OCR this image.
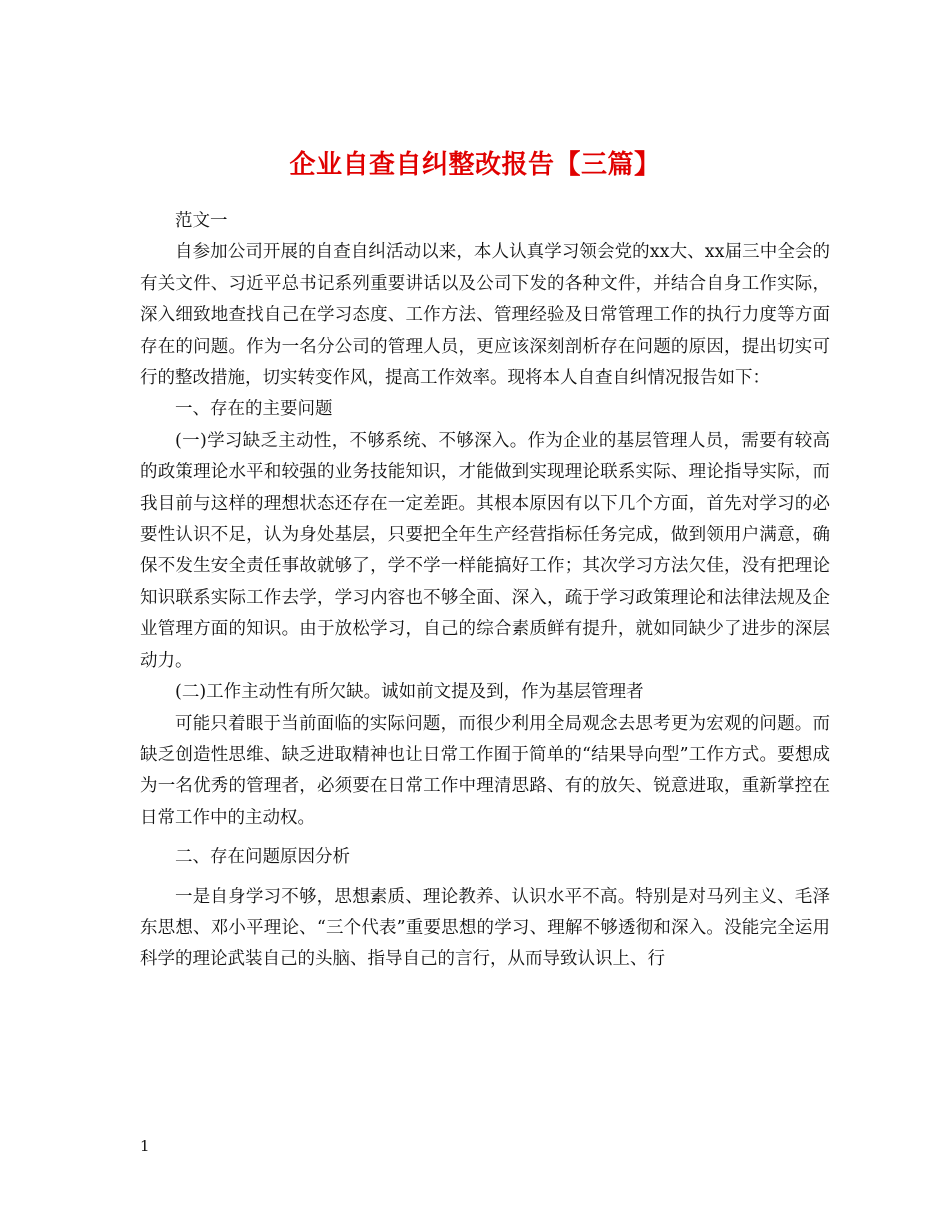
企业自查自纠整改报告【三篇】

范文一

自参加公司开展的自查自纠活动以来，本人认真学习领会党的xx大、xx届三中全会的有关文件、习近平总书记系列重要讲话以及公司下发的各种文件，并结合自身工作实际，深入细致地查找自己在学习态度、工作方法、管理经验及日常管理工作的执行力度等方面存在的问题。作为一名分公司的管理人员，更应该深刻剖析存在问题的原因，提出切实可行的整改措施，切实转变作风，提高工作效率。现将本人自查自纠情况报告如下：

一、存在的主要问题

(一)学习缺乏主动性，不够系统、不够深入。作为企业的基层管理人员，需要有较高的政策理论水平和较强的业务技能知识，才能做到实现理论联系实际、理论指导实际，而我目前与这样的理想状态还存在一定差距。其根本原因有以下几个方面，首先对学习的必要性认识不足，认为身处基层，只要把全年生产经营指标任务完成，做到领用户满意，确保不发生安全责任事故就够了，学不学一样能搞好工作；其次学习方法欠佳，没有把理论知识联系实际工作去学，学习内容也不够全面、深入，疏于学习政策理论和法律法规及企业管理方面的知识。由于放松学习，自己的综合素质鲜有提升，就如同缺少了进步的深层动力。

(二)工作主动性有所欠缺。诚如前文提及到，作为基层管理者

可能只着眼于当前面临的实际问题，而很少利用全局观念去思考更为宏观的问题。而缺乏创造性思维、缺乏进取精神也让日常工作囿于简单的“结果导向型”工作方式。要想成为一名优秀的管理者，必须要在日常工作中理清思路、有的放矢、锐意进取，重新掌控在日常工作中的主动权。

二、存在问题原因分析

一是自身学习不够，思想素质、理论教养、认识水平不高。特别是对马列主义、毛泽东思想、邓小平理论、“三个代表”重要思想的学习、理解不够透彻和深入。没能完全运用科学的理论武装自己的头脑、指导自己的言行，从而导致认识上、行

1
